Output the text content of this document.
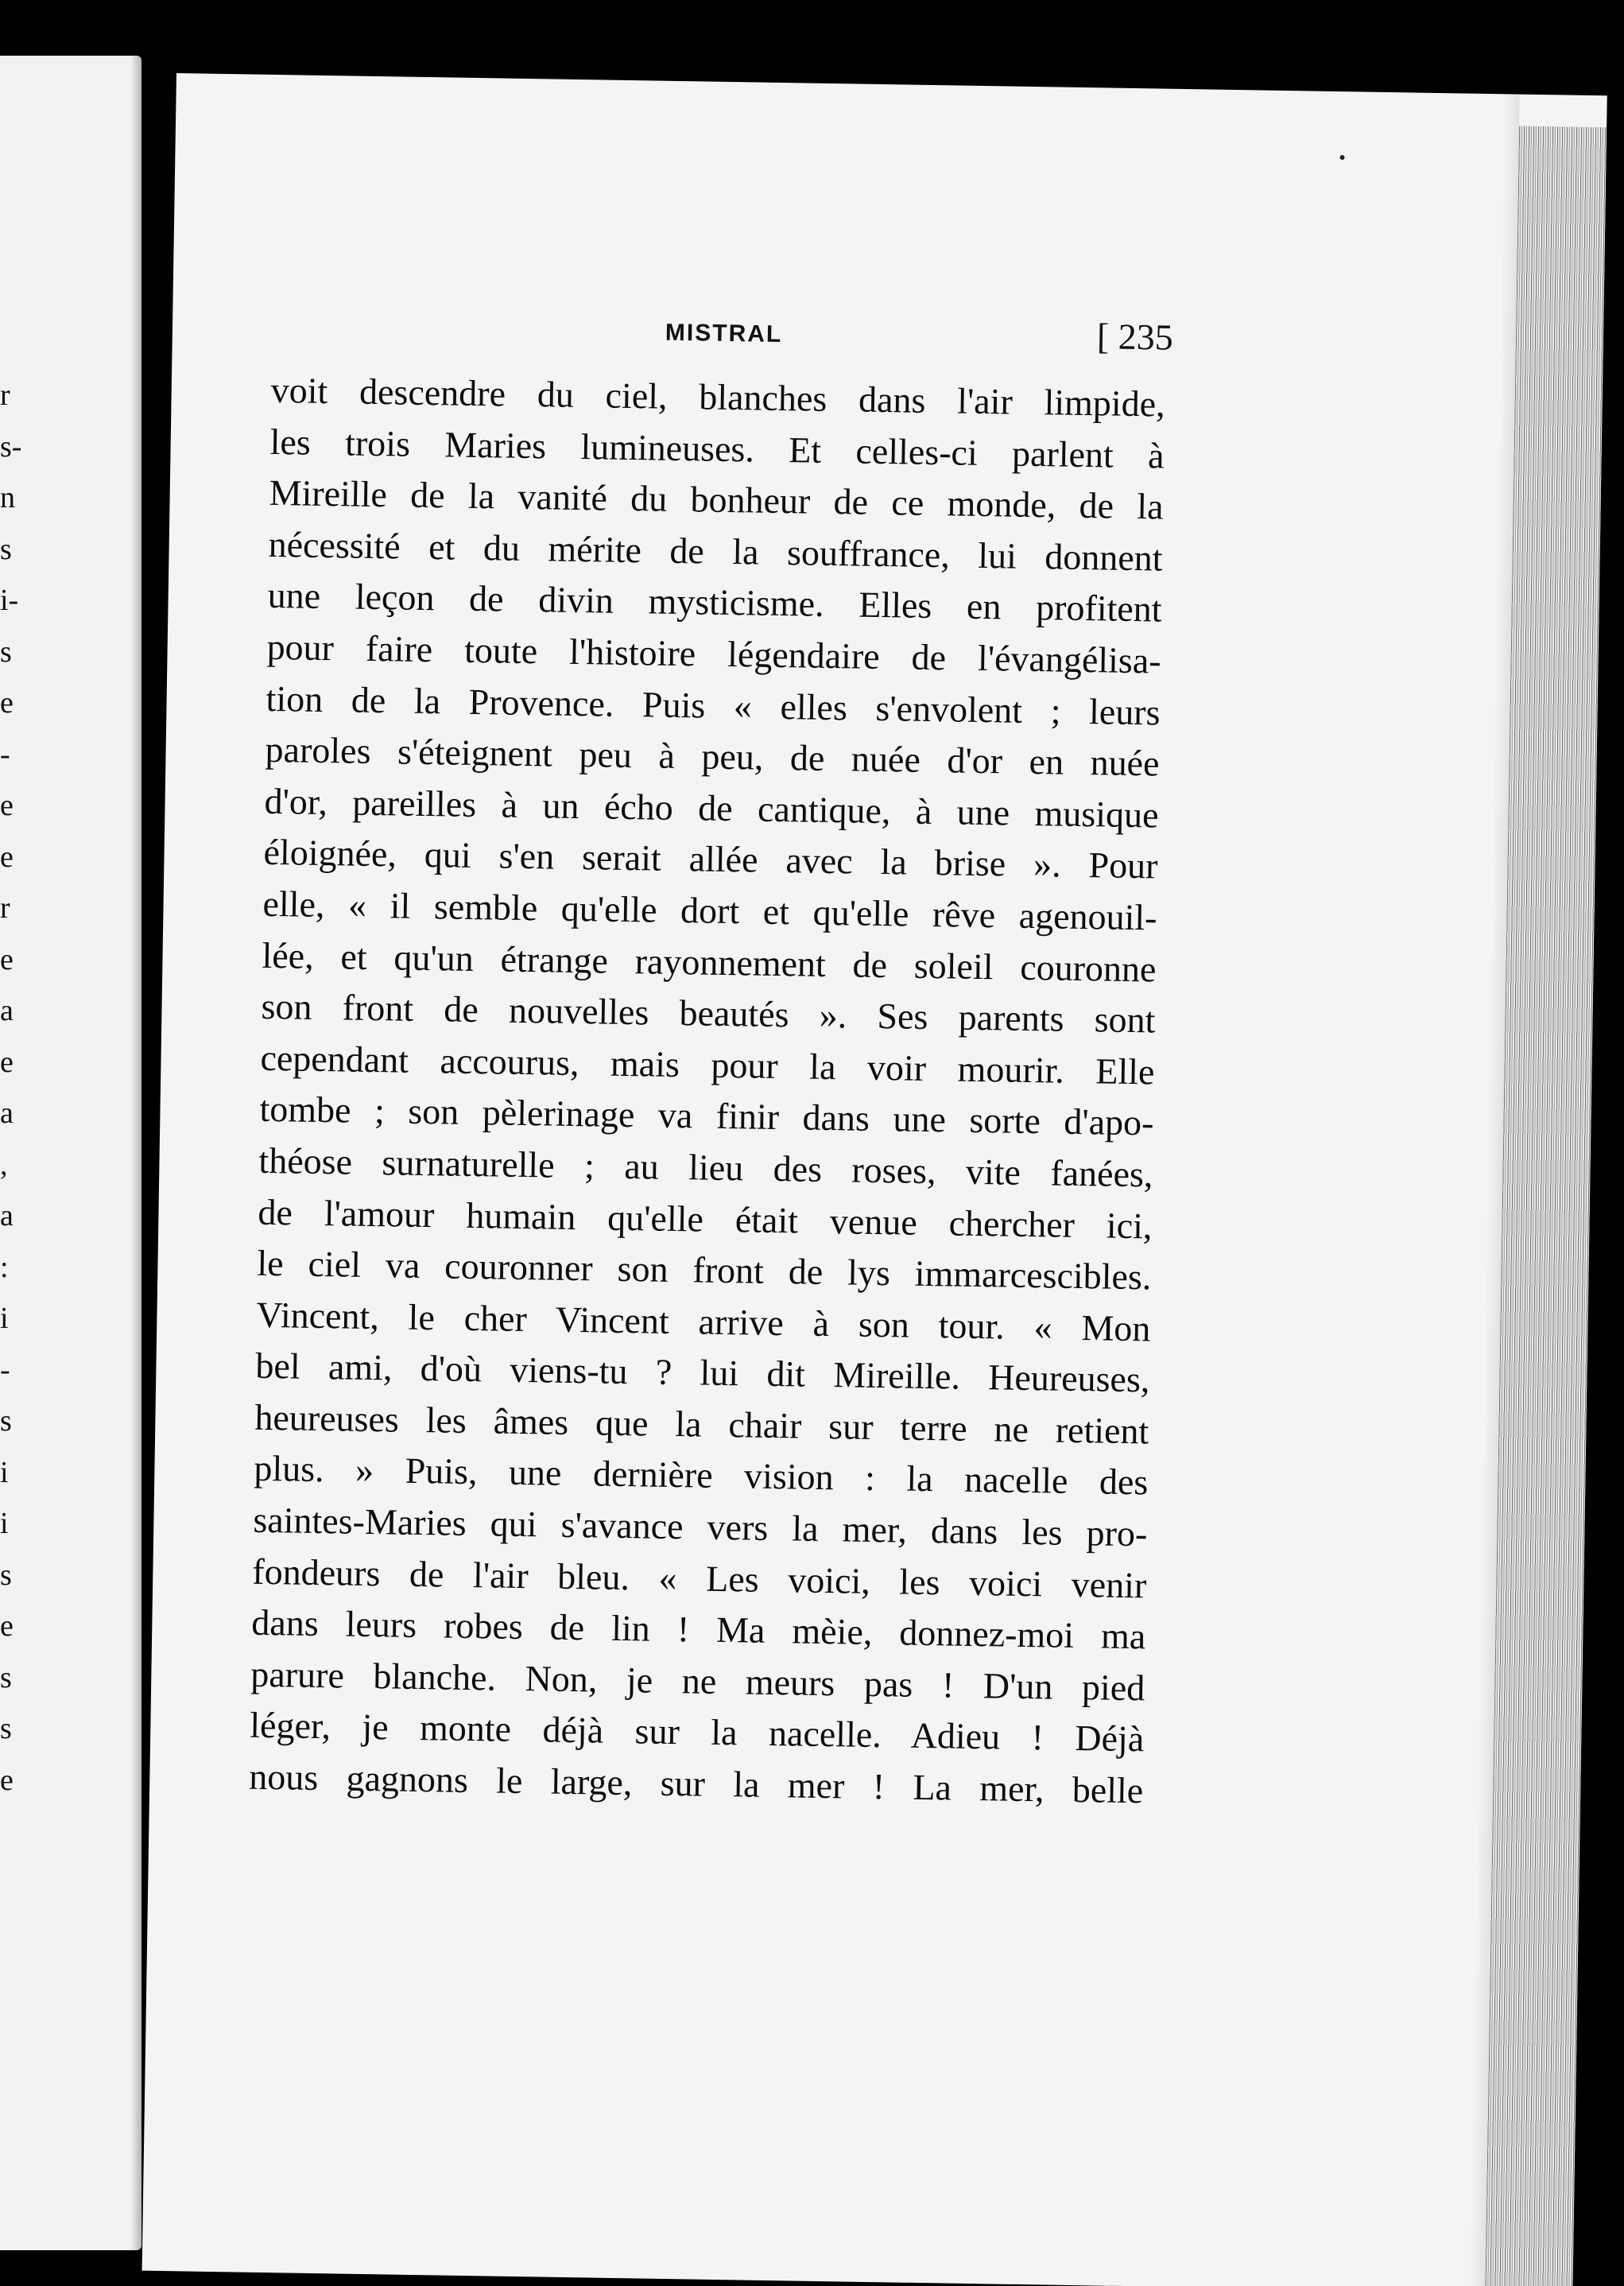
r
s-
n
s
i-
s
e
-
e
e
r
e
a
e
a
,
a
:
i
-
s
i
i
s
e
s
s
e
MISTRAL	[ 235
voit descendre du ciel, blanches dans l'air limpide,
les trois Maries lumineuses. Et celles-ci parlent à
Mireille de la vanité du bonheur de ce monde, de la
nécessité et du mérite de la souffrance, lui donnent
une leçon de divin mysticisme. Elles en profitent
pour faire toute l'histoire légendaire de l'évangélisa-
tion de la Provence. Puis « elles s'envolent ; leurs
paroles s'éteignent peu à peu, de nuée d'or en nuée
d'or, pareilles à un écho de cantique, à une musique
éloignée, qui s'en serait allée avec la brise ». Pour
elle, « il semble qu'elle dort et qu'elle rêve agenouil-
lée, et qu'un étrange rayonnement de soleil couronne
son front de nouvelles beautés ». Ses parents sont
cependant accourus, mais pour la voir mourir. Elle
tombe ; son pèlerinage va finir dans une sorte d'apo-
théose surnaturelle ; au lieu des roses, vite fanées,
de l'amour humain qu'elle était venue chercher ici,
le ciel va couronner son front de lys immarcescibles.
Vincent, le cher Vincent arrive à son tour. « Mon
bel ami, d'où viens-tu ? lui dit Mireille. Heureuses,
heureuses les âmes que la chair sur terre ne retient
plus. » Puis, une dernière vision : la nacelle des
saintes-Maries qui s'avance vers la mer, dans les pro-
fondeurs de l'air bleu. « Les voici, les voici venir
dans leurs robes de lin ! Ma mèie, donnez-moi ma
parure blanche. Non, je ne meurs pas ! D'un pied
léger, je monte déjà sur la nacelle. Adieu ! Déjà
nous gagnons le large, sur la mer ! La mer, belle
